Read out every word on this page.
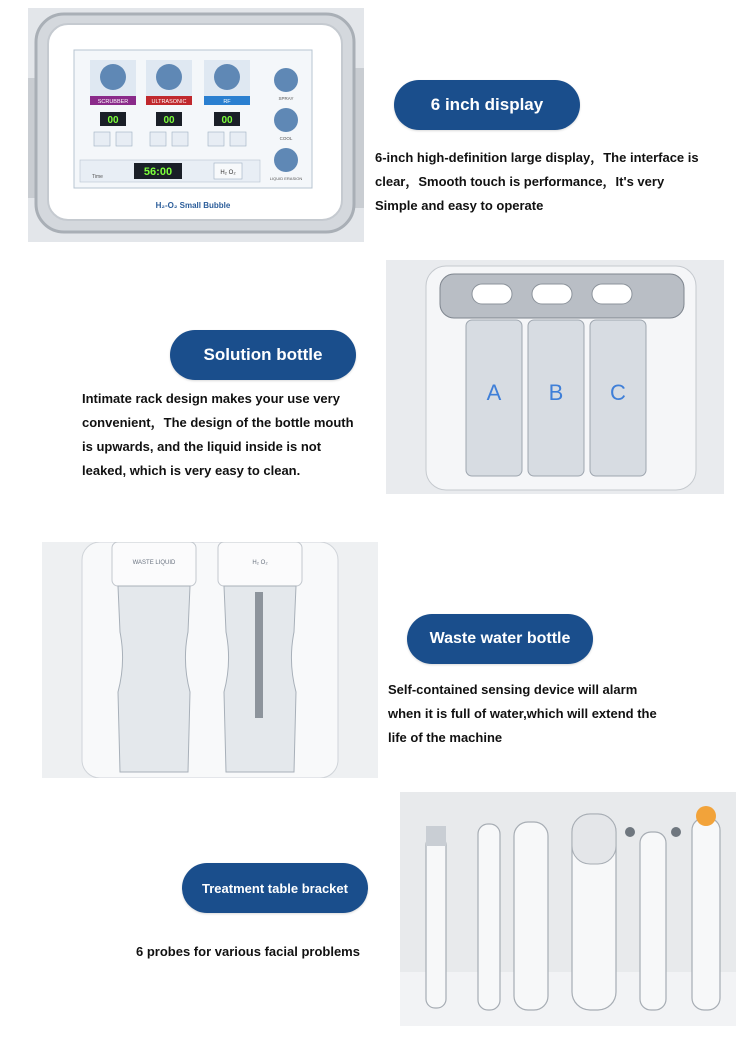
00
SCRUBBER
00
ULTRASONIC
00
RF
SPRAY
COOL
LIQUID ERASION
Time	56:00	H₂ O₂
H₂-O₂ Small Bubble
6 inch display
6-inch high-definition large display，The interface is
clear，Smooth touch is performance，It's very
Simple and easy to operate
A B C
Solution bottle
Intimate rack design makes your use very
convenient，The design of the bottle mouth
is upwards, and the liquid inside is not
leaked, which is very easy to clean.
WASTE LIQUID	H₂ O₂
Waste water bottle
Self-contained sensing device will alarm
when it is full of water,which will extend the
life of the machine
Treatment table bracket
6 probes for various facial problems
